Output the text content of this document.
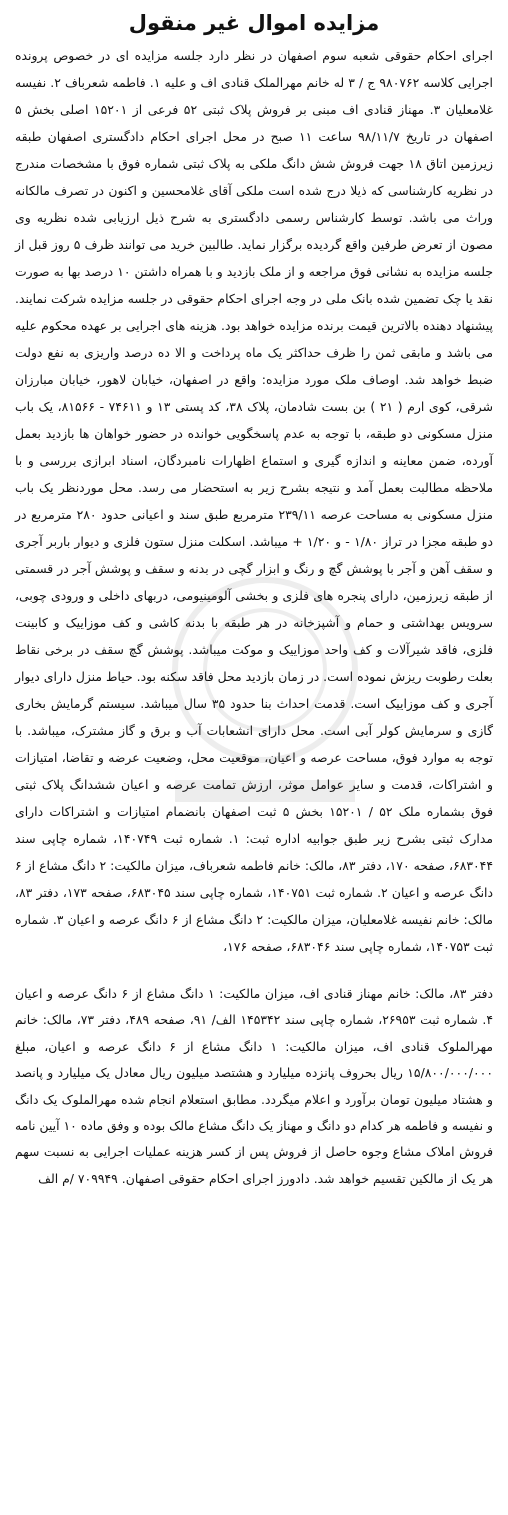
مزایده اموال غیر منقول

اجرای احکام حقوقی شعبه سوم اصفهان در نظر دارد جلسه مزایده ای در خصوص پرونده اجرایی کلاسه ۹۸۰۷۶۲ ج / ۳ له خانم مهرالملک قنادی اف و علیه ۱. فاطمه شعرباف ۲. نفیسه غلامعلیان ۳. مهناز قنادی اف مبنی بر فروش پلاک ثبتی ۵۲ فرعی از ۱۵۲۰۱ اصلی بخش ۵ اصفهان در تاریخ ۹۸/۱۱/۷ ساعت ۱۱ صبح در محل اجرای احکام دادگستری اصفهان طبقه زیرزمین اتاق ۱۸ جهت فروش شش دانگ ملکی به پلاک ثبتی شماره فوق با مشخصات مندرج در نظریه کارشناسی که ذیلا درج شده است ملکی آقای غلامحسین و اکنون در تصرف مالکانه وراث می باشد. توسط کارشناس رسمی دادگستری به شرح ذیل ارزیابی شده نظریه وی مصون از تعرض طرفین واقع گردیده برگزار نماید. طالبین خرید می توانند ظرف ۵ روز قبل از جلسه مزایده به نشانی فوق مراجعه و از ملک بازدید و با همراه داشتن ۱۰ درصد بها به صورت نقد یا چک تضمین شده بانک ملی در وجه اجرای احکام حقوقی در جلسه مزایده شرکت نمایند. پیشنهاد دهنده بالاترین قیمت برنده مزایده خواهد بود. هزینه های اجرایی بر عهده محکوم علیه می باشد و مابقی ثمن را ظرف حداکثر یک ماه پرداخت و الا ده درصد واریزی به نفع دولت ضبط خواهد شد. اوصاف ملک مورد مزایده: واقع در اصفهان، خیابان لاهور، خیابان مبارزان شرقی، کوی ارم ( ۲۱ ) بن بست شادمان، پلاک ۳۸، کد پستی ۱۳ و ۷۴۶۱۱ - ۸۱۵۶۶، یک باب منزل مسکونی دو طبقه، با توجه به عدم پاسخگویی خوانده در حضور خواهان ها بازدید بعمل آورده، ضمن معاینه و اندازه گیری و استماع اظهارات نامبردگان، اسناد ابرازی بررسی و با ملاحظه مطالبت بعمل آمد و نتیجه بشرح زیر به استحضار می رسد. محل موردنظر یک باب منزل مسکونی به مساحت عرصه ۲۳۹/۱۱ مترمربع طبق سند و اعیانی حدود ۲۸۰ مترمربع در دو طبقه مجزا در تراز ۱/۸۰ - و ۱/۲۰ + میباشد. اسکلت منزل ستون فلزی و دیوار باربر آجری و سقف آهن و آجر با پوشش گچ و رنگ و ابزار گچی در بدنه و سقف و پوشش آجر در قسمتی از طبقه زیرزمین، دارای پنجره های فلزی و بخشی آلومینیومی، دربهای داخلی و ورودی چوبی، سرویس بهداشتی و حمام و آشپزخانه در هر طبقه با بدنه کاشی و کف موزاییک و کابینت فلزی، فاقد شیرآلات و کف واحد موزاییک و موکت میباشد. پوشش گچ سقف در برخی نقاط بعلت رطوبت ریزش نموده است. در زمان بازدید محل فاقد سکنه بود. حیاط منزل دارای دیوار آجری و کف موزاییک است. قدمت احداث بنا حدود ۳۵ سال میباشد. سیستم گرمایش بخاری گازی و سرمایش کولر آبی است. محل دارای انشعابات آب و برق و گاز مشترک، میباشد. با توجه به موارد فوق، مساحت عرصه و اعیان، موقعیت محل، وضعیت عرضه و تقاضا، امتیازات و اشتراکات، قدمت و سایر عوامل موثر، ارزش تمامت عرصه و اعیان ششدانگ پلاک ثبتی فوق بشماره ملک ۵۲ / ۱۵۲۰۱ بخش ۵ ثبت اصفهان بانضمام امتیازات و اشتراکات دارای مدارک ثبتی بشرح زیر طبق جوابیه اداره ثبت: ۱. شماره ثبت ۱۴۰۷۴۹، شماره چاپی سند ۶۸۳۰۴۴، صفحه ۱۷۰، دفتر ۸۳، مالک: خانم فاطمه شعرباف، میزان مالکیت: ۲ دانگ مشاع از ۶ دانگ عرصه و اعیان ۲. شماره ثبت ۱۴۰۷۵۱، شماره چاپی سند ۶۸۳۰۴۵، صفحه ۱۷۳، دفتر ۸۳، مالک: خانم نفیسه غلامعلیان، میزان مالکیت: ۲ دانگ مشاع از ۶ دانگ عرصه و اعیان ۳. شماره ثبت ۱۴۰۷۵۳، شماره چاپی سند ۶۸۳۰۴۶، صفحه ۱۷۶،

دفتر ۸۳، مالک: خانم مهناز قنادی اف، میزان مالکیت: ۱ دانگ مشاع از ۶ دانگ عرصه و اعیان ۴. شماره ثبت ۲۶۹۵۳، شماره چاپی سند ۱۴۵۳۴۲ الف/ ۹۱، صفحه ۴۸۹، دفتر ۷۳، مالک: خانم مهرالملوک قنادی اف، میزان مالکیت: ۱ دانگ مشاع از ۶ دانگ عرصه و اعیان، مبلغ ۱۵/۸۰۰/۰۰۰/۰۰۰ ریال بحروف پانزده میلیارد و هشتصد میلیون ریال معادل یک میلیارد و پانصد و هشتاد میلیون تومان برآورد و اعلام میگردد. مطابق استعلام انجام شده مهرالملوک یک دانگ و نفیسه و فاطمه هر کدام دو دانگ و مهناز یک دانگ مشاع مالک بوده و وفق ماده ۱۰ آیین نامه فروش املاک مشاع وجوه حاصل از فروش پس از کسر هزینه عملیات اجرایی به نسبت سهم هر یک از مالکین تقسیم خواهد شد. دادورز اجرای احکام حقوقی اصفهان. ۷۰۹۹۴۹ /م الف
